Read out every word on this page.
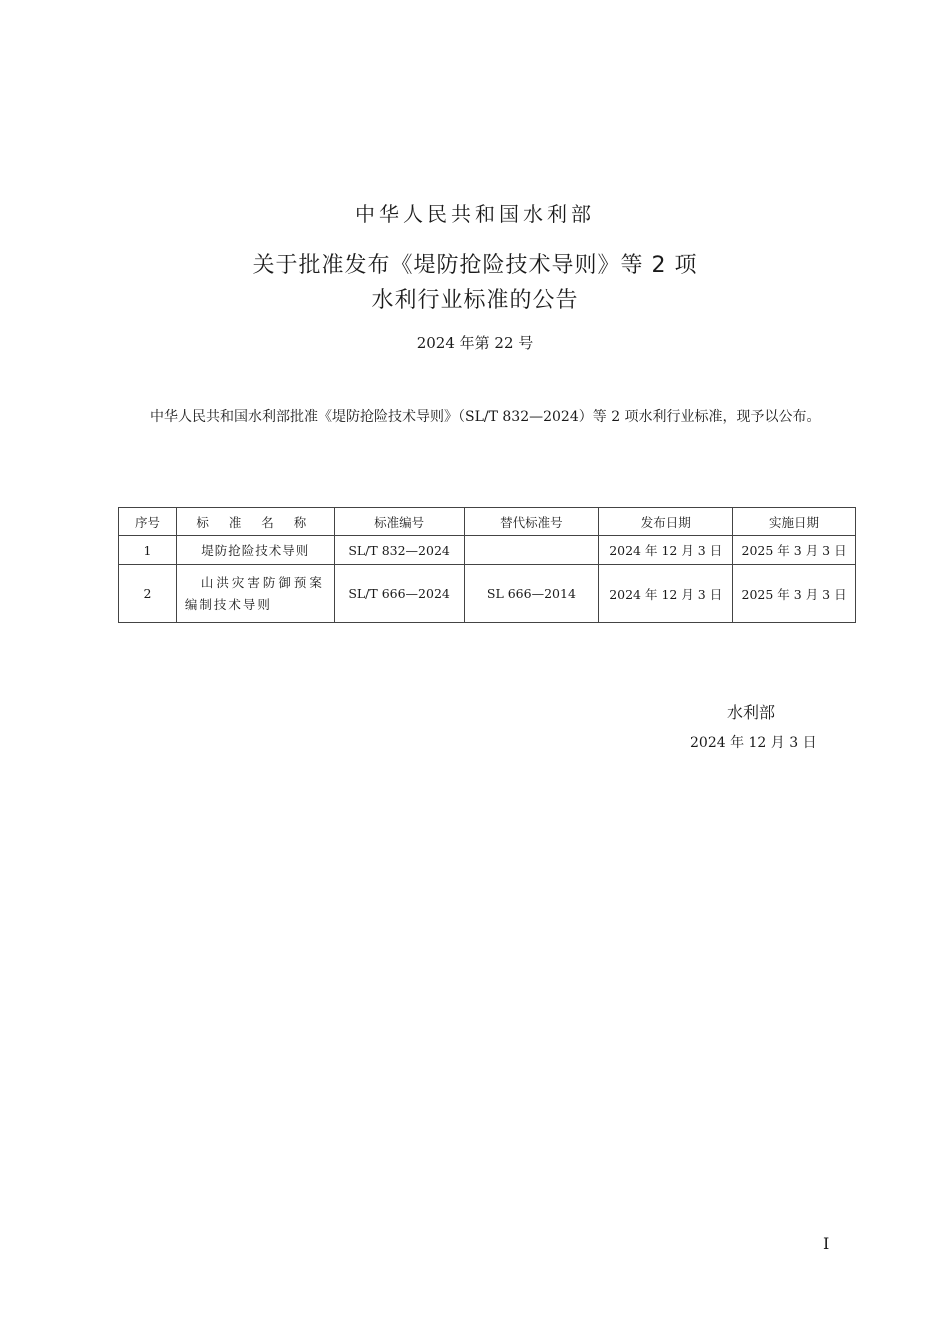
中华人民共和国水利部
关于批准发布《堤防抢险技术导则》等 2 项
水利行业标准的公告
2024 年第 22 号
中华人民共和国水利部批准《堤防抢险技术导则》（SL/T 832—2024）等 2 项水利行业标准，现予以公布。
序号	标 准 名 称	标准编号	替代标准号	发布日期	实施日期
1	堤防抢险技术导则	SL/T 832—2024		2024 年 12 月 3 日	2025 年 3 月 3 日
2	山洪灾害防御预案
编制技术导则	SL/T 666—2024	SL 666—2014	2024 年 12 月 3 日	2025 年 3 月 3 日
水利部
2024 年 12 月 3 日
I
